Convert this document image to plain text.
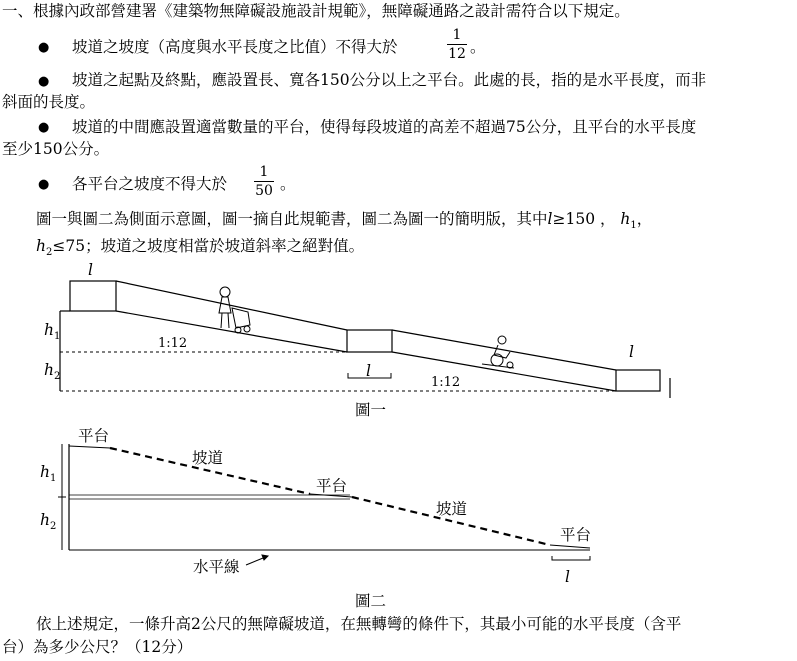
一、根據內政部營建署《建築物無障礙設施設計規範》，無障礙通路之設計需符合以下規定。
● 坡道之坡度（高度與水平長度之比值）不得大於
1
12 。
● 坡道之起點及終點，應設置長、寬各150公分以上之平台。此處的長，指的是水平長度，而非
斜面的長度。
● 坡道的中間應設置適當數量的平台，使得每段坡道的高差不超過75公分，且平台的水平長度
至少150公分。
● 各平台之坡度不得大於
1
50 。
圖一與圖二為側面示意圖，圖一摘自此規範書，圖二為圖一的簡明版，其中l≥150 ， $h_1$，
$h_2\le 75$；坡道之坡度相當於坡道斜率之絕對值。
l
l
l
$h_1$
$h_2$
1:12
1:12
圖一
平台
坡道
平台
坡道
平台
水平線
l
$h_1$
$h_2$
圖二
依上述規定，一條升高2公尺的無障礙坡道，在無轉彎的條件下，其最小可能的水平長度（含平
台）為多少公尺？（12分）
